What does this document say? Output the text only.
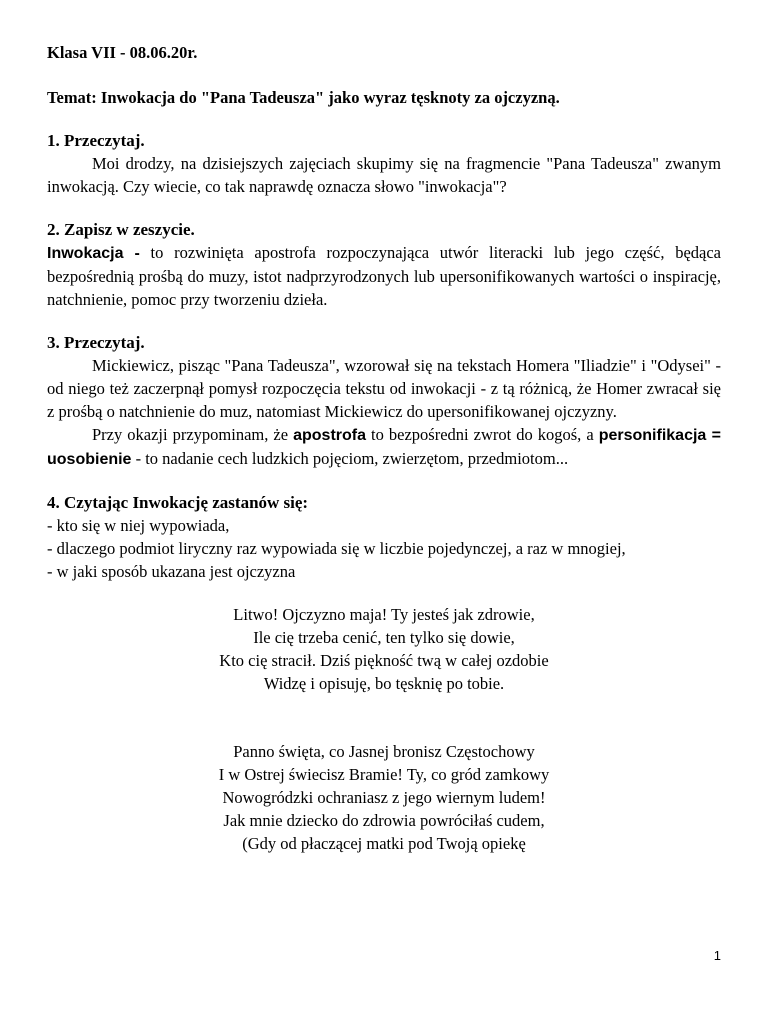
Klasa VII - 08.06.20r.

Temat: Inwokacja do "Pana Tadeusza" jako wyraz tęsknoty za ojczyzną.

1. Przeczytaj.

Moi drodzy, na dzisiejszych zajęciach skupimy się na fragmencie "Pana Tadeusza" zwanym inwokacją. Czy wiecie, co tak naprawdę oznacza słowo "inwokacja"?

2. Zapisz w zeszycie.

Inwokacja - to rozwinięta apostrofa rozpoczynająca utwór literacki lub jego część, będąca bezpośrednią prośbą do muzy, istot nadprzyrodzonych lub upersonifikowanych wartości o inspirację, natchnienie, pomoc przy tworzeniu dzieła.

3. Przeczytaj.

Mickiewicz, pisząc "Pana Tadeusza", wzorował się na tekstach Homera "Iliadzie" i "Odysei" - od niego też zaczerpnął pomysł rozpoczęcia tekstu od inwokacji - z tą różnicą, że Homer zwracał się z prośbą o natchnienie do muz, natomiast Mickiewicz do upersonifikowanej ojczyzny.

Przy okazji przypominam, że apostrofa to bezpośredni zwrot do kogoś, a personifikacja = uosobienie - to nadanie cech ludzkich pojęciom, zwierzętom, przedmiotom...

4. Czytając Inwokację zastanów się:

- kto się w niej wypowiada,

- dlaczego podmiot liryczny raz wypowiada się w liczbie pojedynczej, a raz w mnogiej,

- w jaki sposób ukazana jest ojczyzna

Litwo! Ojczyzno maja! Ty jesteś jak zdrowie,
Ile cię trzeba cenić, ten tylko się dowie,
Kto cię stracił. Dziś piękność twą w całej ozdobie
Widzę i opisuję, bo tęsknię po tobie.
Panno święta, co Jasnej bronisz Częstochowy
I w Ostrej świecisz Bramie! Ty, co gród zamkowy
Nowogródzki ochraniasz z jego wiernym ludem!
Jak mnie dziecko do zdrowia powróciłaś cudem,
(Gdy od płaczącej matki pod Twoją opiekę
1
